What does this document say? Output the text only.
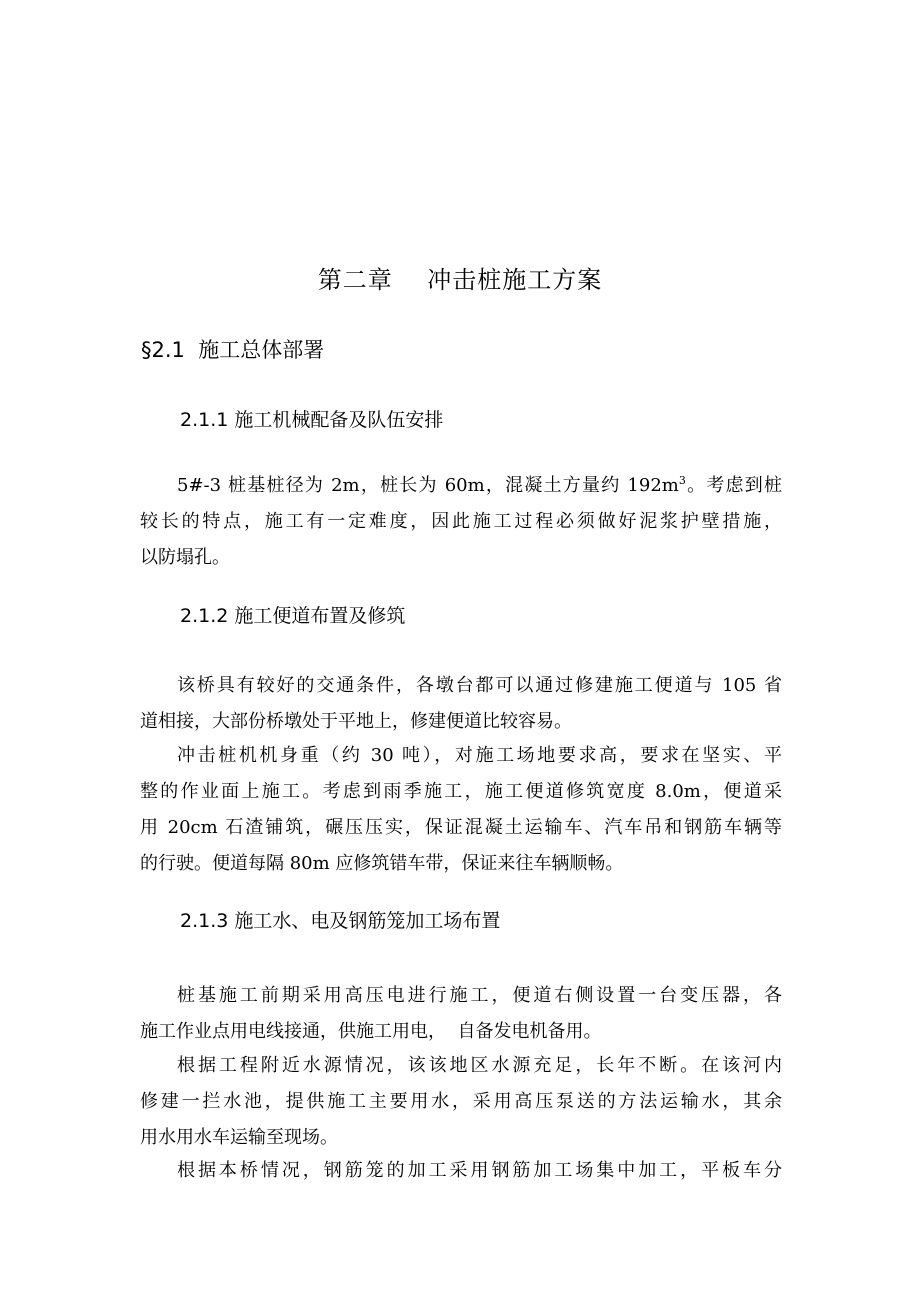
第二章    冲击桩施工方案
§2.1  施工总体部署
2.1.1 施工机械配备及队伍安排
5#-3 桩基桩径为 2m，桩长为 60m，混凝土方量约 $192m^3$。考虑到桩
较长的特点，施工有一定难度，因此施工过程必须做好泥浆护壁措施，
以防塌孔。
2.1.2 施工便道布置及修筑
该桥具有较好的交通条件，各墩台都可以通过修建施工便道与 105 省
道相接，大部份桥墩处于平地上，修建便道比较容易。
冲击桩机机身重（约 30 吨），对施工场地要求高，要求在坚实、平
整的作业面上施工。考虑到雨季施工，施工便道修筑宽度 8.0m，便道采
用 20cm 石渣铺筑，碾压压实，保证混凝土运输车、汽车吊和钢筋车辆等
的行驶。便道每隔 80m 应修筑错车带，保证来往车辆顺畅。
2.1.3 施工水、电及钢筋笼加工场布置
桩基施工前期采用高压电进行施工，便道右侧设置一台变压器，各
施工作业点用电线接通，供施工用电，  自备发电机备用。
根据工程附近水源情况，该该地区水源充足，长年不断。在该河内
修建一拦水池，提供施工主要用水，采用高压泵送的方法运输水，其余
用水用水车运输至现场。
根据本桥情况，钢筋笼的加工采用钢筋加工场集中加工，平板车分
